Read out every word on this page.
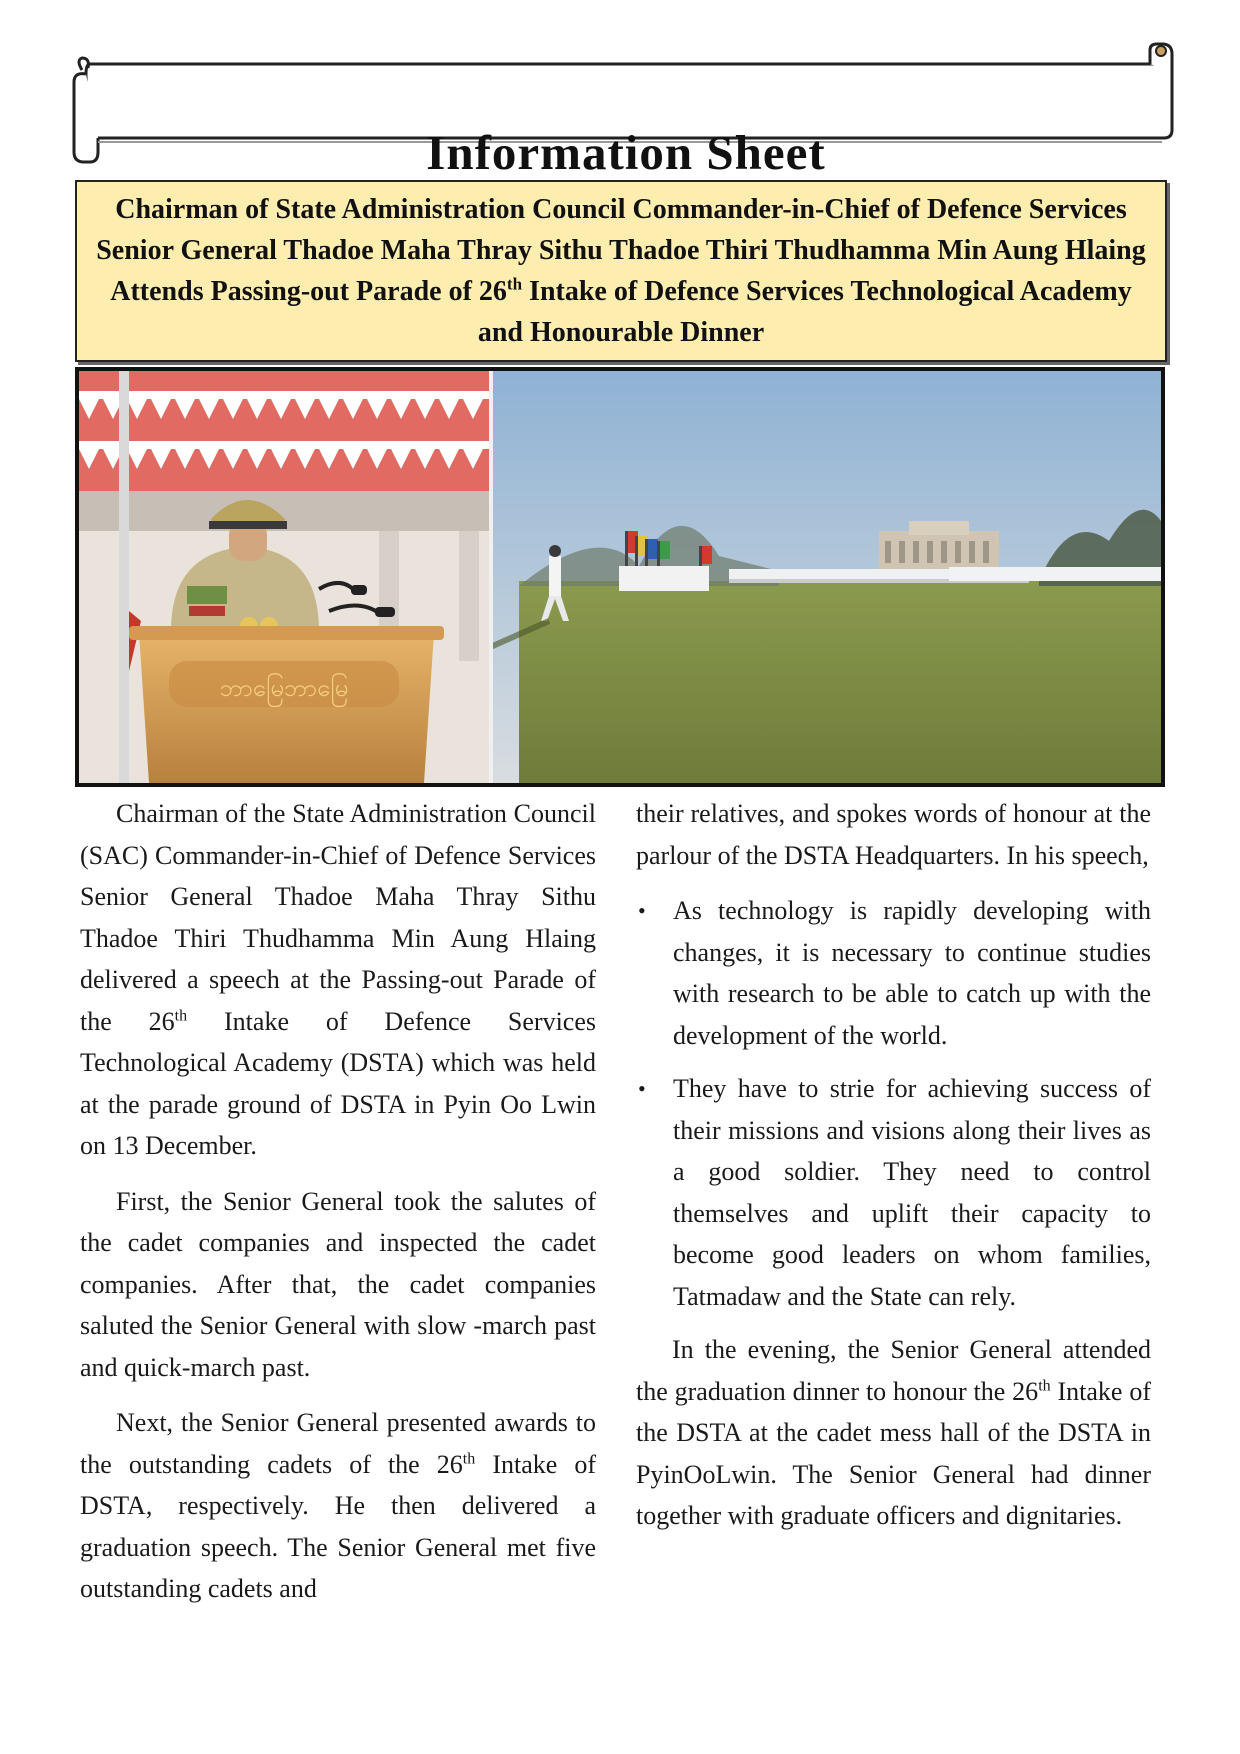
Information Sheet
Chairman of State Administration Council Commander-in-Chief of Defence Services Senior General Thadoe Maha Thray Sithu Thadoe Thiri Thudhamma Min Aung Hlaing Attends Passing-out Parade of 26th Intake of Defence Services Technological Academy and Honourable Dinner
ဘာမြေဘာမြေ

Chairman of the State Administration Council (SAC) Commander-in-Chief of Defence Services Senior General Thadoe Maha Thray Sithu Thadoe Thiri Thudhamma Min Aung Hlaing delivered a speech at the Passing-out Parade of the 26th Intake of Defence Services Technological Academy (DSTA) which was held at the parade ground of DSTA in Pyin Oo Lwin on 13 December.

First, the Senior General took the salutes of the cadet companies and inspected the cadet companies. After that, the cadet companies saluted the Senior General with slow -march past and quick-march past.

Next, the Senior General presented awards to the outstanding cadets of the 26th Intake of DSTA, respectively. He then delivered a graduation speech. The Senior General met five outstanding cadets and

their relatives, and spokes words of honour at the parlour of the DSTA Headquarters. In his speech,

• As technology is rapidly developing with changes, it is necessary to continue studies with research to be able to catch up with the development of the world.
• They have to strie for achieving success of their missions and visions along their lives as a good soldier. They need to control themselves and uplift their capacity to become good leaders on whom families, Tatmadaw and the State can rely.

In the evening, the Senior General attended the graduation dinner to honour the 26th Intake of the DSTA at the cadet mess hall of the DSTA in PyinOoLwin. The Senior General had dinner together with graduate officers and dignitaries.
